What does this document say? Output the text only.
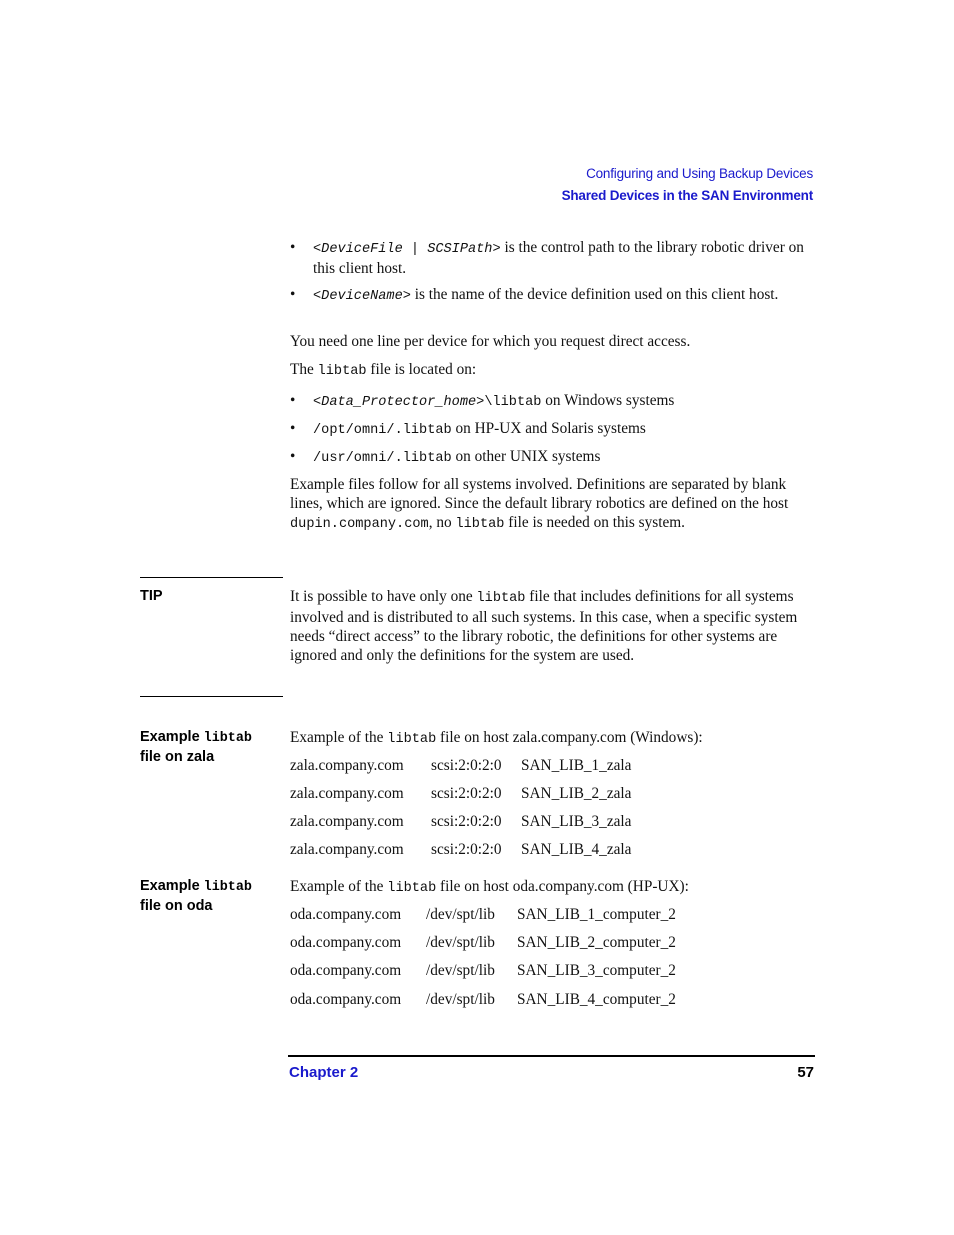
Configuring and Using Backup Devices
Shared Devices in the SAN Environment
•	<DeviceFile | SCSIPath> is the control path to the library robotic driver on this client host.
•	<DeviceName> is the name of the device definition used on this client host.
You need one line per device for which you request direct access.
The libtab file is located on:
•	<Data_Protector_home>\libtab on Windows systems
•	/opt/omni/.libtab on HP-UX and Solaris systems
•	/usr/omni/.libtab on other UNIX systems
Example files follow for all systems involved. Definitions are separated by blank lines, which are ignored. Since the default library robotics are defined on the host dupin.company.com, no libtab file is needed on this system.
TIP	It is possible to have only one libtab file that includes definitions for all systems involved and is distributed to all such systems. In this case, when a specific system needs “direct access” to the library robotic, the definitions for other systems are ignored and only the definitions for the system are used.
Example libtab
file on zala
Example of the libtab file on host zala.company.com (Windows):
zala.company.com scsi:2:0:2:0 SAN_LIB_1_zala
zala.company.com scsi:2:0:2:0 SAN_LIB_2_zala
zala.company.com scsi:2:0:2:0 SAN_LIB_3_zala
zala.company.com scsi:2:0:2:0 SAN_LIB_4_zala
Example libtab
file on oda
Example of the libtab file on host oda.company.com (HP-UX):
oda.company.com /dev/spt/lib SAN_LIB_1_computer_2
oda.company.com /dev/spt/lib SAN_LIB_2_computer_2
oda.company.com /dev/spt/lib SAN_LIB_3_computer_2
oda.company.com /dev/spt/lib SAN_LIB_4_computer_2
Chapter 2	57
